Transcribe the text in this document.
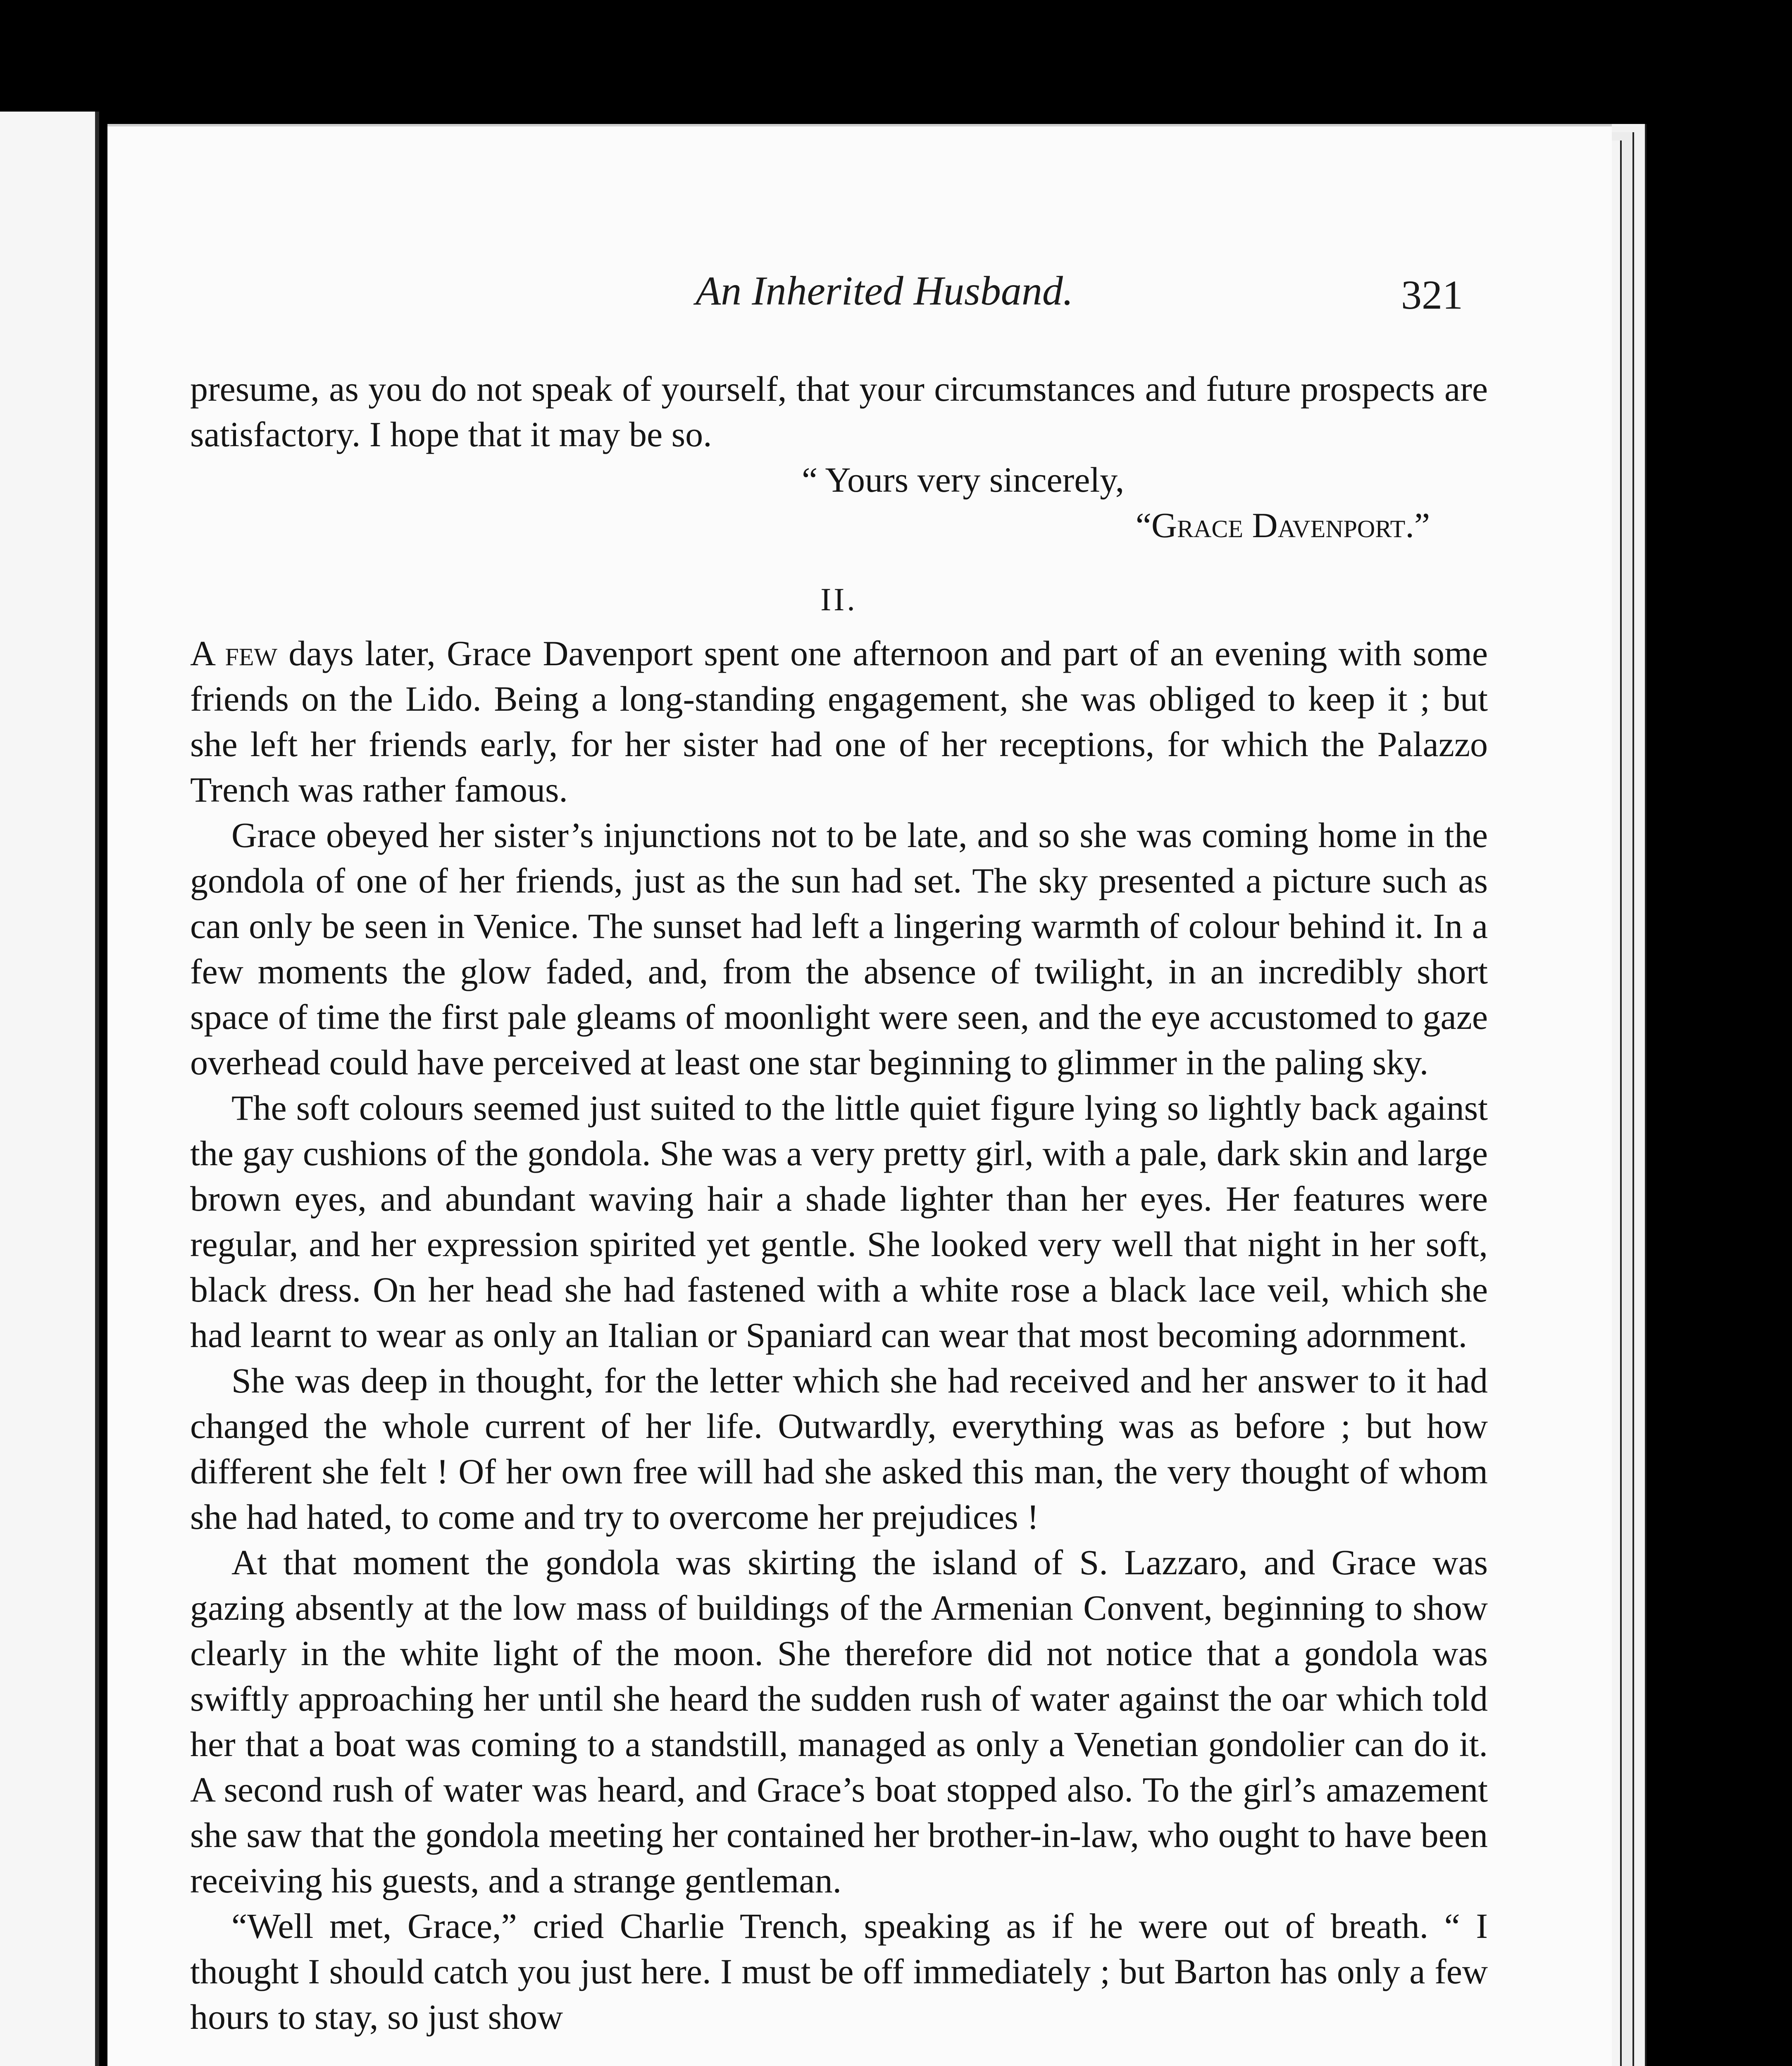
An Inherited Husband.	321

presume, as you do not speak of yourself, that your circumstances and future prospects are satisfactory. I hope that it may be so.

“ Yours very sincerely,

“Grace Davenport.”

II.

A few days later, Grace Davenport spent one afternoon and part of an evening with some friends on the Lido. Being a long-standing engagement, she was obliged to keep it ; but she left her friends early, for her sister had one of her receptions, for which the Palazzo Trench was rather famous.

Grace obeyed her sister’s injunctions not to be late, and so she was coming home in the gondola of one of her friends, just as the sun had set. The sky presented a picture such as can only be seen in Venice. The sunset had left a lingering warmth of colour behind it. In a few moments the glow faded, and, from the absence of twilight, in an incredibly short space of time the first pale gleams of moonlight were seen, and the eye accustomed to gaze overhead could have perceived at least one star beginning to glimmer in the paling sky.

The soft colours seemed just suited to the little quiet figure lying so lightly back against the gay cushions of the gondola. She was a very pretty girl, with a pale, dark skin and large brown eyes, and abundant waving hair a shade lighter than her eyes. Her features were regular, and her expression spirited yet gentle. She looked very well that night in her soft, black dress. On her head she had fastened with a white rose a black lace veil, which she had learnt to wear as only an Italian or Spaniard can wear that most becoming adornment.

She was deep in thought, for the letter which she had received and her answer to it had changed the whole current of her life. Outwardly, everything was as before ; but how different she felt ! Of her own free will had she asked this man, the very thought of whom she had hated, to come and try to overcome her prejudices !

At that moment the gondola was skirting the island of S. Lazzaro, and Grace was gazing absently at the low mass of buildings of the Armenian Convent, beginning to show clearly in the white light of the moon. She therefore did not notice that a gondola was swiftly approaching her until she heard the sudden rush of water against the oar which told her that a boat was coming to a standstill, managed as only a Venetian gondolier can do it. A second rush of water was heard, and Grace’s boat stopped also. To the girl’s amazement she saw that the gondola meeting her contained her brother-in-law, who ought to have been receiving his guests, and a strange gentleman.

“Well met, Grace,” cried Charlie Trench, speaking as if he were out of breath. “ I thought I should catch you just here. I must be off immediately ; but Barton has only a few hours to stay, so just show
